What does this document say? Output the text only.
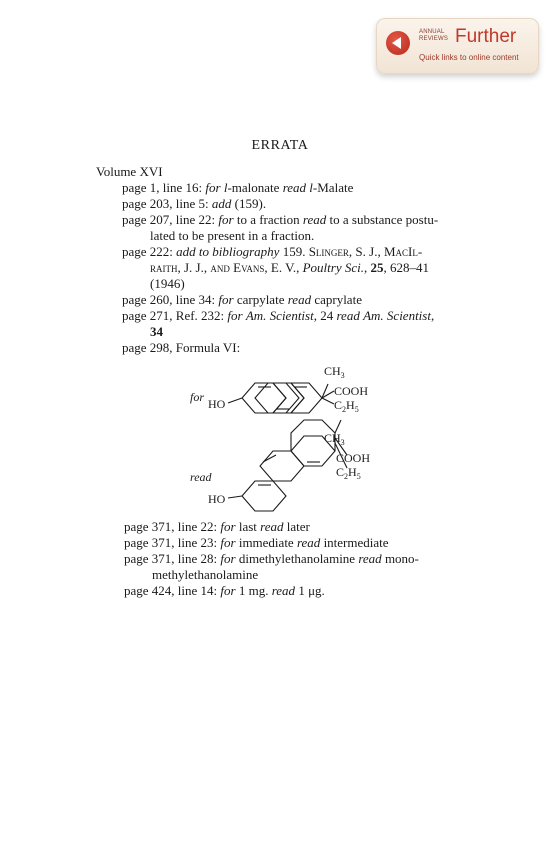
ANNUAL
REVIEWS Further
Quick links to online content
ERRATA
Volume XVI
page 1, line 16: for l-malonate read l-Malate
page 203, line 5: add (159).
page 207, line 22: for to a fraction read to a substance postu-
lated to be present in a fraction.
page 222: add to bibliography 159. Slinger, S. J., MacIl-
raith, J. J., and Evans, E. V., Poultry Sci., 25, 628–41
(1946)
page 260, line 34: for carpylate read caprylate
page 271, Ref. 232: for Am. Scientist, 24 read Am. Scientist,
34
page 298, Formula VI:
for
read
$CH_3$
COOH
$C_2H_5$
HO
$CH_3$
COOH
$C_2H_5$
HO
page 371, line 22: for last read later
page 371, line 23: for immediate read intermediate
page 371, line 28: for dimethylethanolamine read mono-
methylethanolamine
page 424, line 14: for 1 mg. read 1 μg.
